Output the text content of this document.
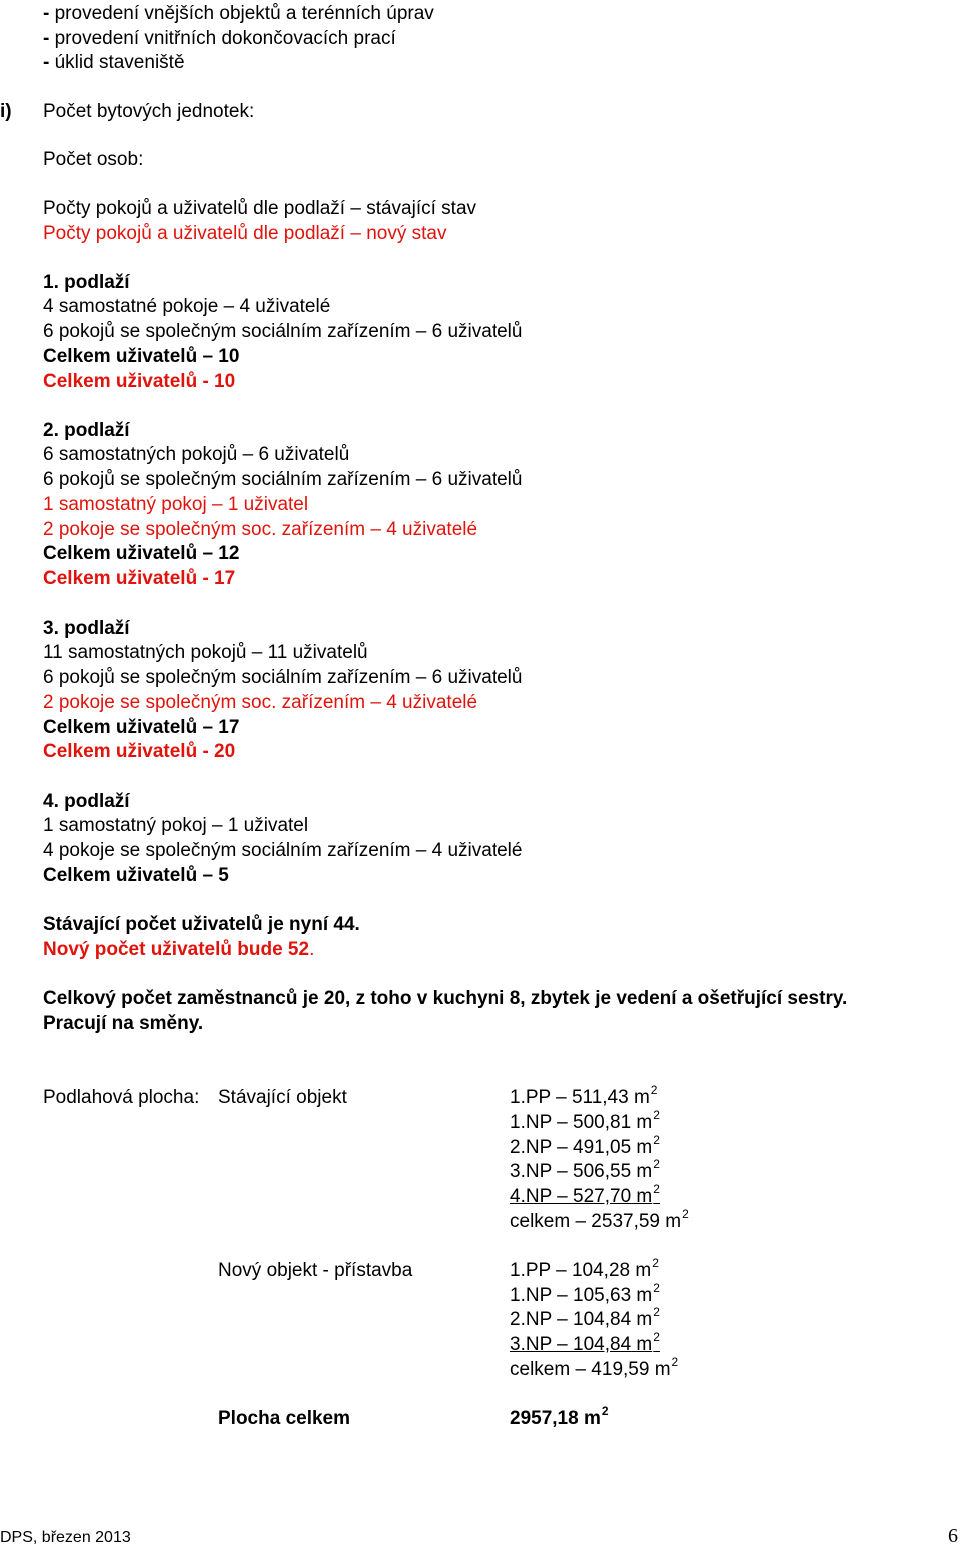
- provedení vnějších objektů a terénních úprav
- provedení vnitřních dokončovacích prací
- úklid staveniště
i) Počet bytových jednotek:
Počet osob:
Počty pokojů a uživatelů dle podlaží – stávající stav
Počty pokojů a uživatelů dle podlaží – nový stav
1. podlaží
4 samostatné pokoje – 4 uživatelé
6 pokojů se společným sociálním zařízením – 6 uživatelů
Celkem uživatelů – 10
Celkem uživatelů - 10
2. podlaží
6 samostatných pokojů – 6 uživatelů
6 pokojů se společným sociálním zařízením – 6 uživatelů
1 samostatný pokoj – 1 uživatel
2 pokoje se společným soc. zařízením – 4 uživatelé
Celkem uživatelů – 12
Celkem uživatelů - 17
3. podlaží
11 samostatných pokojů – 11 uživatelů
6 pokojů se společným sociálním zařízením – 6 uživatelů
2 pokoje se společným soc. zařízením – 4 uživatelé
Celkem uživatelů – 17
Celkem uživatelů - 20
4. podlaží
1 samostatný pokoj – 1 uživatel
4 pokoje se společným sociálním zařízením – 4 uživatelé
Celkem uživatelů – 5
Stávající počet uživatelů je nyní 44.
Nový počet uživatelů bude 52.
Celkový počet zaměstnanců je 20, z toho v kuchyni 8, zbytek je vedení a ošetřující sestry.
Pracují na směny.
Podlahová plocha: Stávající objekt	1.PP – 511,43 $m^2$
1.NP – 500,81 $m^2$
2.NP – 491,05 $m^2$
3.NP – 506,55 $m^2$
4.NP – 527,70 $m^2$
celkem – 2537,59 $m^2$
Nový objekt - přístavba	1.PP – 104,28 $m^2$
1.NP – 105,63 $m^2$
2.NP – 104,84 $m^2$
3.NP – 104,84 $m^2$
celkem – 419,59 $m^2$
Plocha celkem	2957,18 $m^2$
DPS, březen 2013	6
